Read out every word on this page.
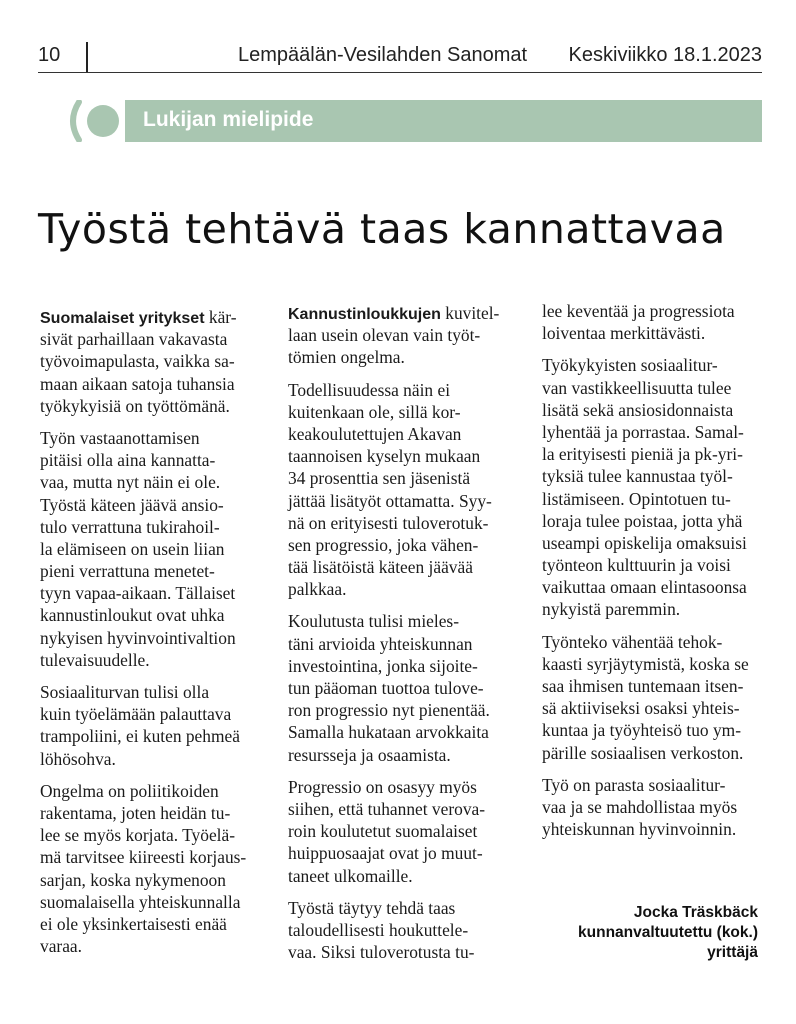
10	Lempäälän-Vesilahden Sanomat Keskiviikko 18.1.2023
Lukijan mielipide
Työstä tehtävä taas kannattavaa
Suomalaiset yritykset kär-
sivät parhaillaan vakavasta
työvoimapulasta, vaikka sa-
maan aikaan satoja tuhansia
työkykyisiä on työttömänä.
Työn vastaanottamisen
pitäisi olla aina kannatta-
vaa, mutta nyt näin ei ole.
Työstä käteen jäävä ansio-
tulo verrattuna tukirahoil-
la elämiseen on usein liian
pieni verrattuna menetet-
tyyn vapaa-aikaan. Tällaiset
kannustinloukut ovat uhka
nykyisen hyvinvointivaltion
tulevaisuudelle.
Sosiaaliturvan tulisi olla
kuin työelämään palauttava
trampoliini, ei kuten pehmeä
löhösohva.
Ongelma on poliitikoiden
rakentama, joten heidän tu-
lee se myös korjata. Työelä-
mä tarvitsee kiireesti korjaus-
sarjan, koska nykymenoon
suomalaisella yhteiskunnalla
ei ole yksinkertaisesti enää
varaa.
Kannustinloukkujen kuvitel-
laan usein olevan vain työt-
tömien ongelma.
Todellisuudessa näin ei
kuitenkaan ole, sillä kor-
keakoulutettujen Akavan
taannoisen kyselyn mukaan
34 prosenttia sen jäsenistä
jättää lisätyöt ottamatta. Syy-
nä on erityisesti tuloverotuk-
sen progressio, joka vähen-
tää lisätöistä käteen jäävää
palkkaa.
Koulutusta tulisi mieles-
täni arvioida yhteiskunnan
investointina, jonka sijoite-
tun pääoman tuottoa tulove-
ron progressio nyt pienentää.
Samalla hukataan arvokkaita
resursseja ja osaamista.
Progressio on osasyy myös
siihen, että tuhannet verova-
roin koulutetut suomalaiset
huippuosaajat ovat jo muut-
taneet ulkomaille.
Työstä täytyy tehdä taas
taloudellisesti houkuttele-
vaa. Siksi tuloverotusta tu-
lee keventää ja progressiota
loiventaa merkittävästi.
Työkykyisten sosiaalitur-
van vastikkeellisuutta tulee
lisätä sekä ansiosidonnaista
lyhentää ja porrastaa. Samal-
la erityisesti pieniä ja pk-yri-
tyksiä tulee kannustaa työl-
listämiseen. Opintotuen tu-
loraja tulee poistaa, jotta yhä
useampi opiskelija omaksuisi
työnteon kulttuurin ja voisi
vaikuttaa omaan elintasoonsa
nykyistä paremmin.
Työnteko vähentää tehok-
kaasti syrjäytymistä, koska se
saa ihmisen tuntemaan itsen-
sä aktiiviseksi osaksi yhteis-
kuntaa ja työyhteisö tuo ym-
pärille sosiaalisen verkoston.
Työ on parasta sosiaalitur-
vaa ja se mahdollistaa myös
yhteiskunnan hyvinvoinnin.
Jocka Träskbäck
kunnanvaltuutettu (kok.)
yrittäjä
